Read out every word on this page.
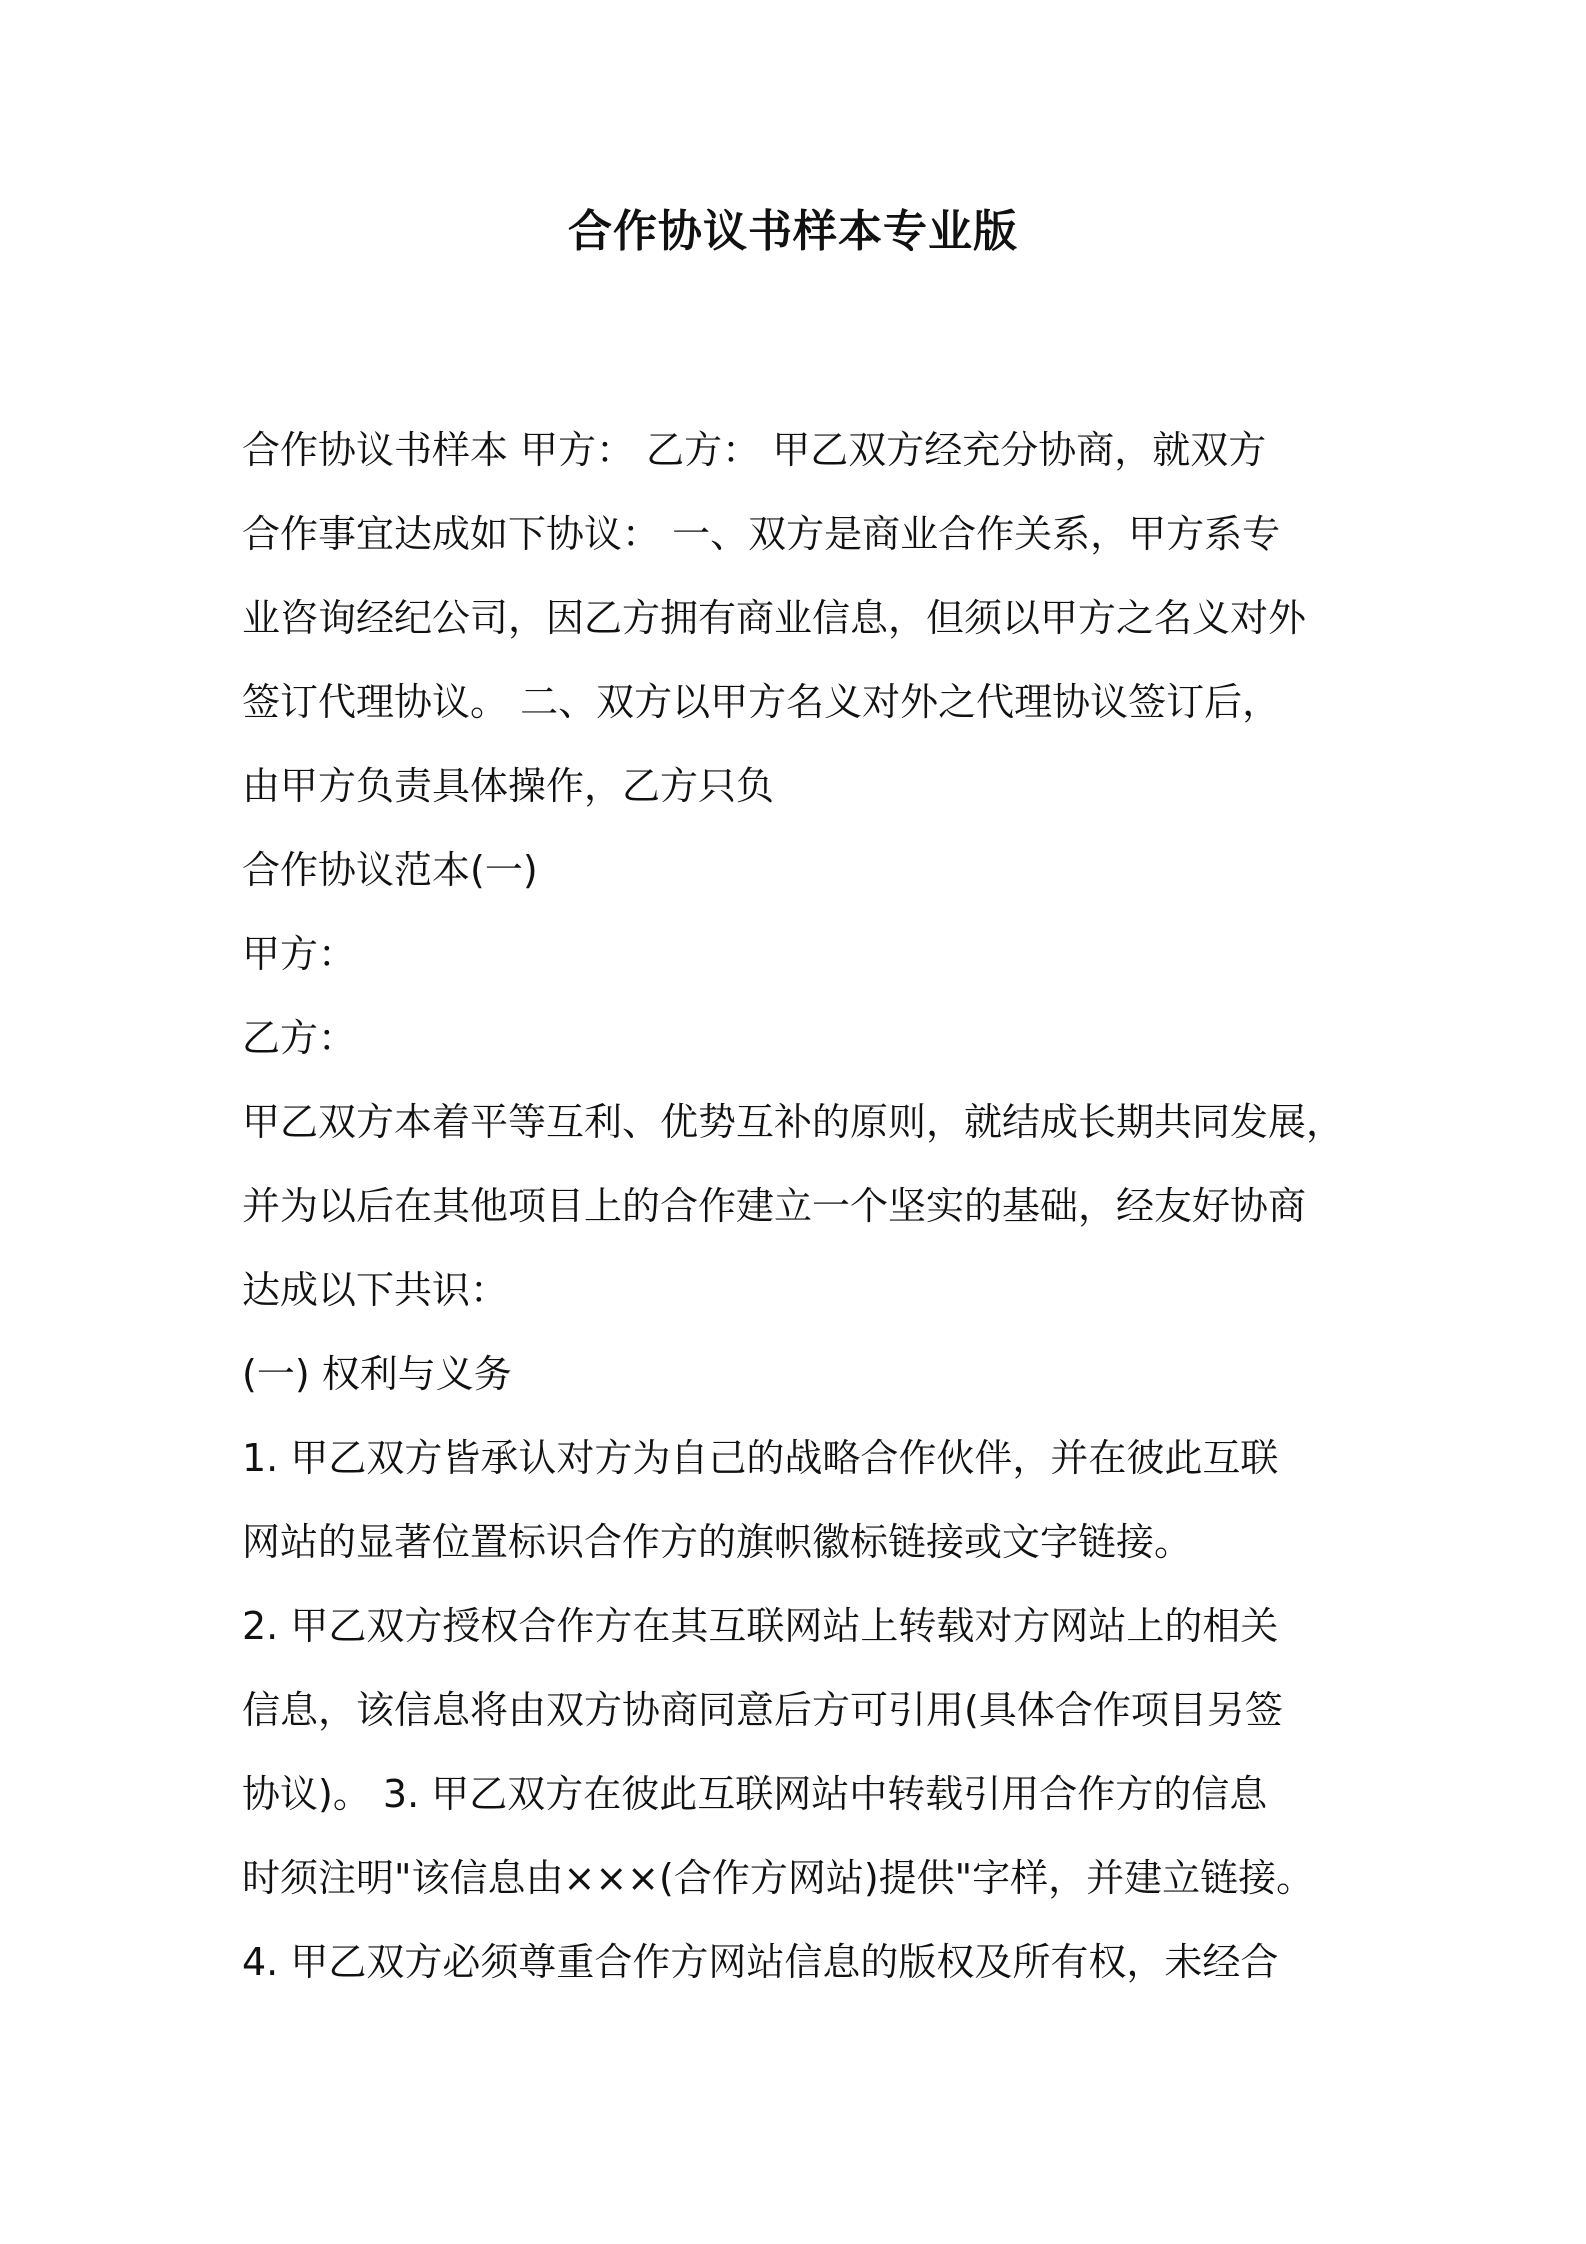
合作协议书样本专业版
合作协议书样本 甲方： 乙方： 甲乙双方经充分协商，就双方
合作事宜达成如下协议： 一、双方是商业合作关系，甲方系专
业咨询经纪公司，因乙方拥有商业信息，但须以甲方之名义对外
签订代理协议。 二、双方以甲方名义对外之代理协议签订后，
由甲方负责具体操作，乙方只负
合作协议范本(一)
甲方：
乙方：
甲乙双方本着平等互利、优势互补的原则，就结成长期共同发展，
并为以后在其他项目上的合作建立一个坚实的基础，经友好协商
达成以下共识：
(一) 权利与义务
1. 甲乙双方皆承认对方为自己的战略合作伙伴，并在彼此互联
网站的显著位置标识合作方的旗帜徽标链接或文字链接。
2. 甲乙双方授权合作方在其互联网站上转载对方网站上的相关
信息，该信息将由双方协商同意后方可引用(具体合作项目另签
协议)。 3. 甲乙双方在彼此互联网站中转载引用合作方的信息
时须注明"该信息由×××(合作方网站)提供"字样，并建立链接。
4. 甲乙双方必须尊重合作方网站信息的版权及所有权，未经合
